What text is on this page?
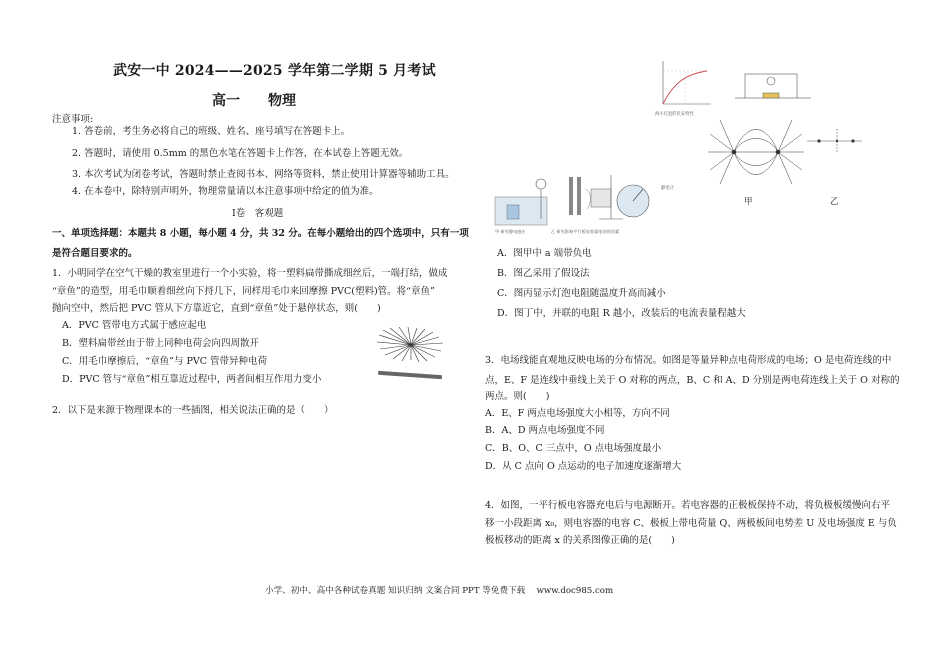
武安一中 2024——2025 学年第二学期 5 月考试
高一　　物理
注意事项:
1. 答卷前，考生务必将自己的班级、姓名、座号填写在答题卡上。
2. 答题时，请使用 0.5mm 的黑色水笔在答题卡上作答，在本试卷上答题无效。
3. 本次考试为闭卷考试，答题时禁止查阅书本、网络等资料，禁止使用计算器等辅助工具。
4. 在本卷中，除特别声明外，物理常量请以本注意事项中给定的值为准。
Ⅰ卷　客观题
一、单项选择题：本题共 8 小题，每小题 4 分，共 32 分。在每小题给出的四个选项中，只有一项
是符合题目要求的。
1．小明同学在空气干燥的教室里进行一个小实验，将一塑料扁带撕成细丝后，一端打结，做成
“章鱼”的造型，用毛巾顺着细丝向下捋几下，同样用毛巾来回摩擦 PVC(塑料)管。将“章鱼”
抛向空中，然后把 PVC 管从下方靠近它，直到“章鱼”处于悬停状态，则(　　)
A．PVC 管带电方式属于感应起电
B．塑料扁带丝由于带上同种电荷会向四周散开
C．用毛巾摩擦后，“章鱼”与 PVC 管带异种电荷
D．PVC 管与“章鱼”相互靠近过程中，两者间相互作用力变小
2．以下是来源于物理课本的一些插图，相关说法正确的是（　　）
两小灯泡的伏安特性
甲	乙
甲 研究静电感应	乙 研究影响平行板电容器电容的因素
静电计
A．图甲中 a 端带负电
B．图乙采用了假设法
C．图丙显示灯泡电阻随温度升高而减小
D．图丁中，并联的电阻 R 越小，改装后的电流表量程越大
3．电场线能直观地反映电场的分布情况。如图是等量异种点电荷形成的电场；O 是电荷连线的中
点，E、F 是连线中垂线上关于 O 对称的两点，B、C 和 A、D 分别是两电荷连线上关于 O 对称的
两点。则(　　)
A．E、F 两点电场强度大小相等，方向不同
B．A、D 两点电场强度不同
C．B、O、C 三点中，O 点电场强度最小
D．从 C 点向 O 点运动的电子加速度逐渐增大
4．如图，一平行板电容器充电后与电源断开。若电容器的正极板保持不动，将负极板缓慢向右平
移一小段距离 x₀，则电容器的电容 C、极板上带电荷量 Q、两极板间电势差 U 及电场强度 E 与负
极板移动的距离 x 的关系图像正确的是(　　)
小学、初中、高中各种试卷真题 知识归纳 文案合同 PPT 等免费下载　 www.doc985.com
